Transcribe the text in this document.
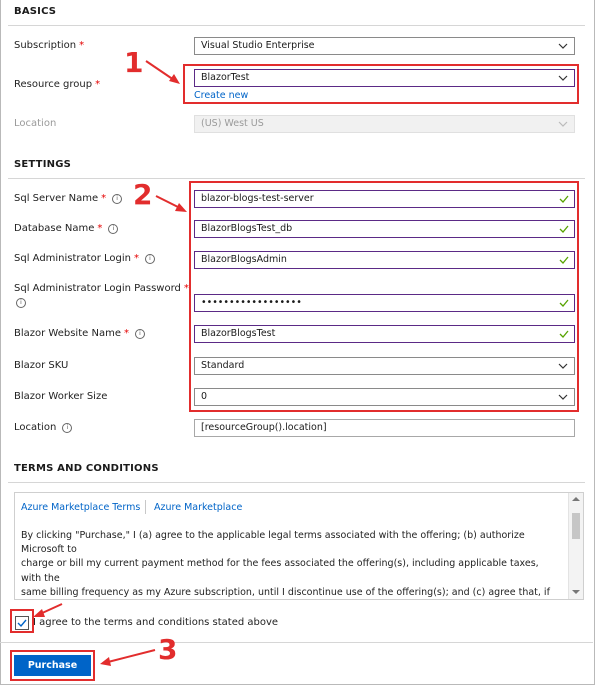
BASICS
Subscription *	Visual Studio Enterprise
Resource group *
BlazorTest
Create new
Location	(US) West US
SETTINGS
Sql Server Name * i	blazor-blogs-test-server
Database Name * i	BlazorBlogsTest_db
Sql Administrator Login * i	BlazorBlogsAdmin
Sql Administrator Login Password *
i	••••••••••••••••••
Blazor Website Name * i	BlazorBlogsTest
Blazor SKU	Standard
Blazor Worker Size	0
Location i	[resourceGroup().location]
TERMS AND CONDITIONS
Azure Marketplace Terms Azure Marketplace
By clicking "Purchase," I (a) agree to the applicable legal terms associated with the offering; (b) authorize Microsoft to
charge or bill my current payment method for the fees associated the offering(s), including applicable taxes, with the
same billing frequency as my Azure subscription, until I discontinue use of the offering(s); and (c) agree that, if
I agree to the terms and conditions stated above
Purchase
1
2
3
